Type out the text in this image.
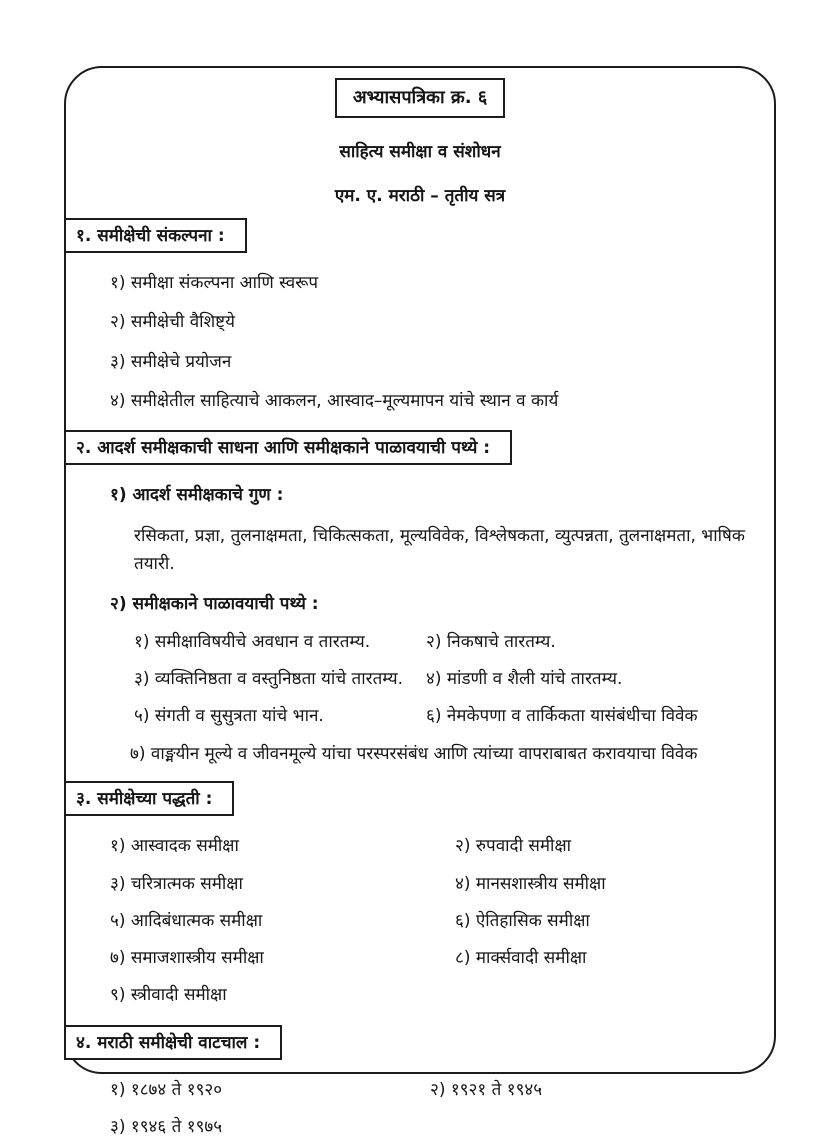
अभ्यासपत्रिका क्र. ६
साहित्य समीक्षा व संशोधन
एम. ए. मराठी – तृतीय सत्र
१. समीक्षेची संकल्पना :
१) समीक्षा संकल्पना आणि स्वरूप
२) समीक्षेची वैशिष्ट्ये
३) समीक्षेचे प्रयोजन
४) समीक्षेतील साहित्याचे आकलन, आस्वाद–मूल्यमापन यांचे स्थान व कार्य
२. आदर्श समीक्षकाची साधना आणि समीक्षकाने पाळावयाची पथ्ये :
१) आदर्श समीक्षकाचे गुण :
रसिकता, प्रज्ञा, तुलनाक्षमता, चिकित्सकता, मूल्यविवेक, विश्लेषकता, व्युत्पन्नता, तुलनाक्षमता, भाषिक तयारी.
२) समीक्षकाने पाळावयाची पथ्ये :
१) समीक्षाविषयीचे अवधान व तारतम्य.	२) निकषाचे तारतम्य.
३) व्यक्तिनिष्ठता व वस्तुनिष्ठता यांचे तारतम्य.	४) मांडणी व शैली यांचे तारतम्य.
५) संगती व सुसुत्रता यांचे भान.	६) नेमकेपणा व तार्किकता यासंबंधीचा विवेक
७) वाङ्मयीन मूल्ये व जीवनमूल्ये यांचा परस्परसंबंध आणि त्यांच्या वापराबाबत करावयाचा विवेक
३. समीक्षेच्या पद्धती :
१) आस्वादक समीक्षा	२) रुपवादी समीक्षा
३) चरित्रात्मक समीक्षा	४) मानसशास्त्रीय समीक्षा
५) आदिबंधात्मक समीक्षा	६) ऐतिहासिक समीक्षा
७) समाजशास्त्रीय समीक्षा	८) मार्क्सवादी समीक्षा
९) स्त्रीवादी समीक्षा
४. मराठी समीक्षेची वाटचाल :
१) १८७४ ते १९२०	२) १९२१ ते १९४५
३) १९४६ ते १९७५
